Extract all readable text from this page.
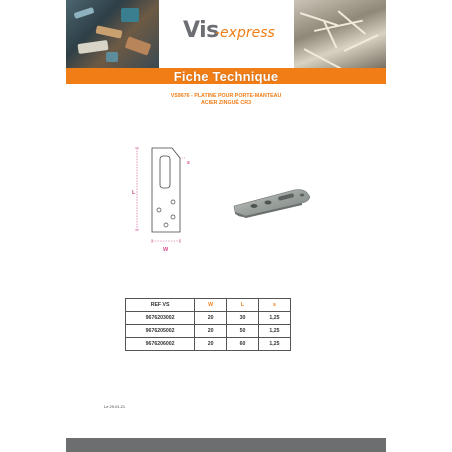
Vis
-express
Fiche Technique
VS9676 - PLATINE POUR PORTE-MANTEAU
ACIER ZINGUÉ CR3
s
L
W
REF VS	W	L	s
9676203002	20	30	1,25
9676205002	20	50	1,25
9676206002	20	60	1,25
Le 29.01.21
